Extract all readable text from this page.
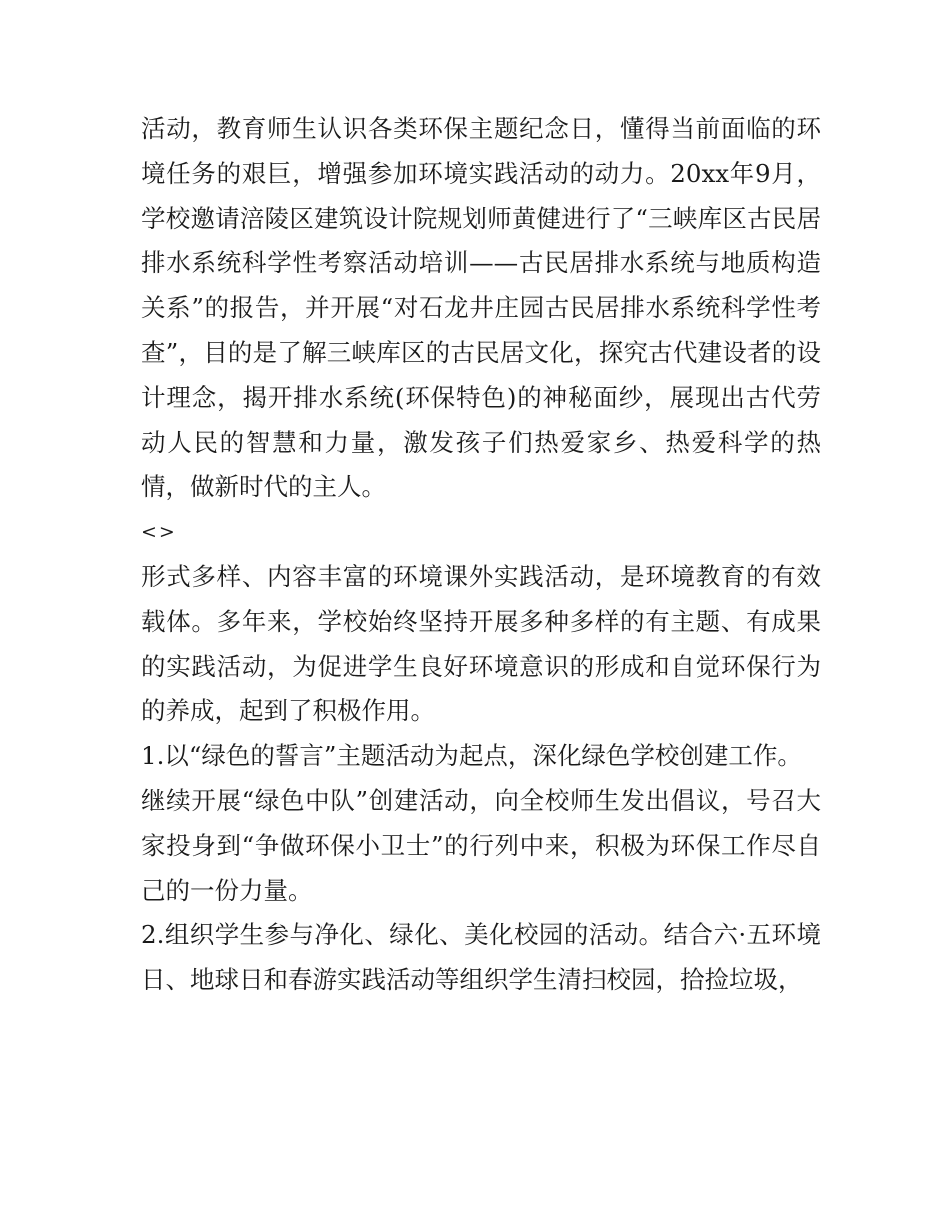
活动，教育师生认识各类环保主题纪念日，懂得当前面临的环境任务的艰巨，增强参加环境实践活动的动力。20xx年9月，学校邀请涪陵区建筑设计院规划师黄健进行了“三峡库区古民居排水系统科学性考察活动培训——古民居排水系统与地质构造关系”的报告，并开展“对石龙井庄园古民居排水系统科学性考查”，目的是了解三峡库区的古民居文化，探究古代建设者的设计理念，揭开排水系统(环保特色)的神秘面纱，展现出古代劳动人民的智慧和力量，激发孩子们热爱家乡、热爱科学的热情，做新时代的主人。

<>

形式多样、内容丰富的环境课外实践活动，是环境教育的有效载体。多年来，学校始终坚持开展多种多样的有主题、有成果的实践活动，为促进学生良好环境意识的形成和自觉环保行为的养成，起到了积极作用。

1.以“绿色的誓言”主题活动为起点，深化绿色学校创建工作。

继续开展“绿色中队”创建活动，向全校师生发出倡议，号召大家投身到“争做环保小卫士”的行列中来，积极为环保工作尽自己的一份力量。

2.组织学生参与净化、绿化、美化校园的活动。结合六·五环境日、地球日和春游实践活动等组织学生清扫校园，拾捡垃圾，
